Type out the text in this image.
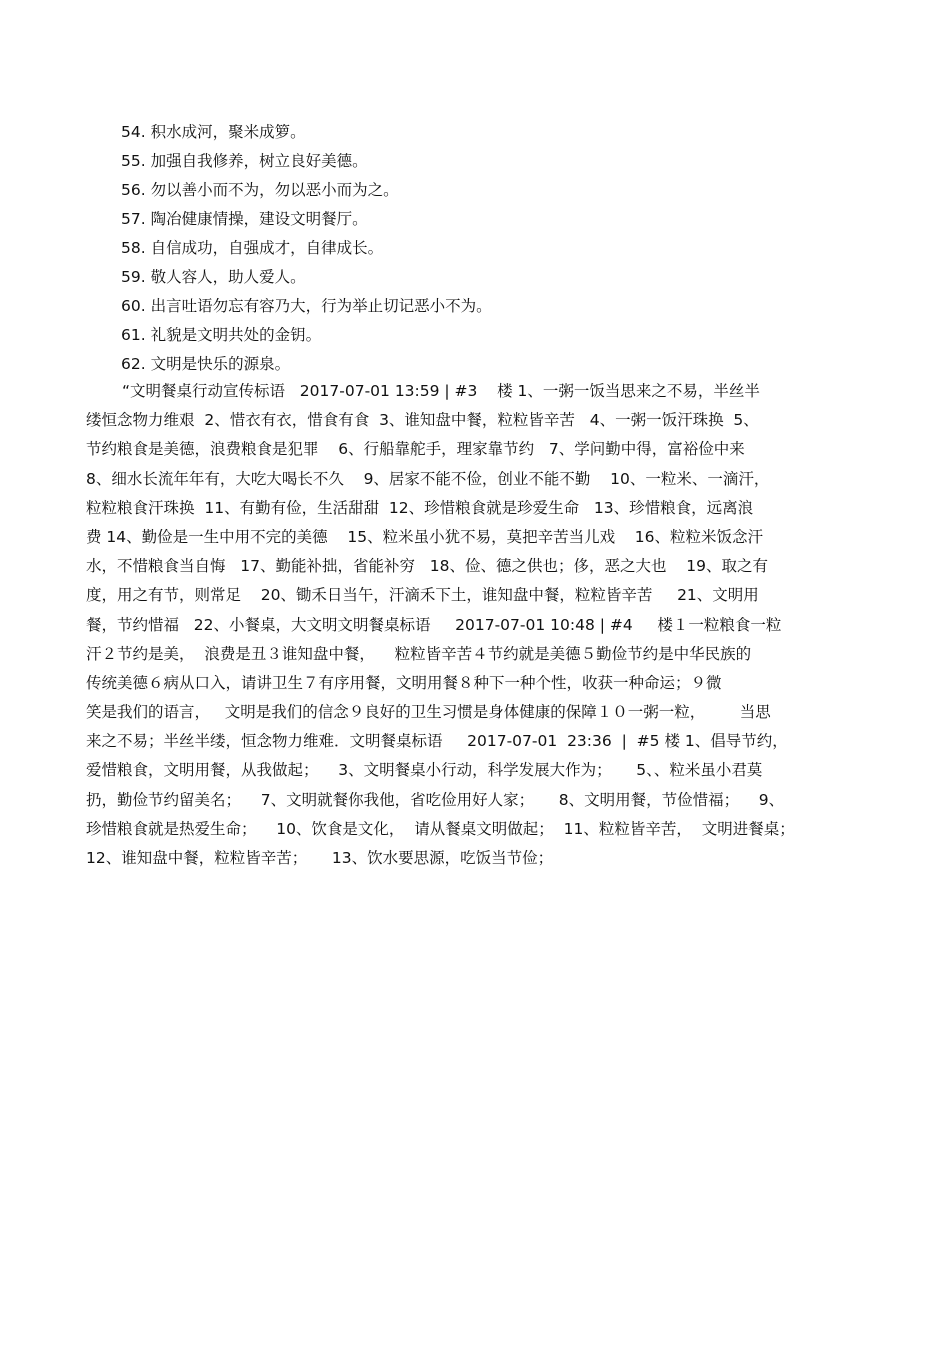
54. 积水成河，聚米成箩。
55. 加强自我修养，树立良好美德。
56. 勿以善小而不为，勿以恶小而为之。
57. 陶冶健康情操，建设文明餐厅。
58. 自信成功，自强成才，自律成长。
59. 敬人容人，助人爱人。
60. 出言吐语勿忘有容乃大，行为举止切记恶小不为。
61. 礼貌是文明共处的金钥。
62. 文明是快乐的源泉。
“文明餐桌行动宣传标语   2017-07-01 13:59 | #3    楼 1、一粥一饭当思来之不易，半丝半
缕恒念物力维艰  2、惜衣有衣，惜食有食  3、谁知盘中餐，粒粒皆辛苦   4、一粥一饭汗珠换  5、
节约粮食是美德，浪费粮食是犯罪    6、行船靠舵手，理家靠节约   7、学问勤中得，富裕俭中来
8、细水长流年年有，大吃大喝长不久    9、居家不能不俭，创业不能不勤    10、一粒米、一滴汗，
粒粒粮食汗珠换  11、有勤有俭，生活甜甜  12、珍惜粮食就是珍爱生命   13、珍惜粮食，远离浪
费 14、勤俭是一生中用不完的美德    15、粒米虽小犹不易，莫把辛苦当儿戏    16、粒粒米饭念汗
水，不惜粮食当自悔   17、勤能补拙，省能补穷   18、俭、德之供也；侈，恶之大也    19、取之有
度，用之有节，则常足    20、锄禾日当午，汗滴禾下土，谁知盘中餐，粒粒皆辛苦     21、文明用
餐，节约惜福   22、小餐桌，大文明文明餐桌标语     2017-07-01 10:48 | #4     楼１一粒粮食一粒
汗２节约是美，  浪费是丑３谁知盘中餐，    粒粒皆辛苦４节约就是美德５勤俭节约是中华民族的
传统美德６病从口入，请讲卫生７有序用餐，文明用餐８种下一种个性，收获一种命运；９微
笑是我们的语言，   文明是我们的信念９良好的卫生习惯是身体健康的保障１０一粥一粒，       当思
来之不易；半丝半缕，恒念物力维难．文明餐桌标语     2017-07-01  23:36  |  #5 楼 1、倡导节约，
爱惜粮食，文明用餐，从我做起；    3、文明餐桌小行动，科学发展大作为；     5、、粒米虽小君莫
扔，勤俭节约留美名；    7、文明就餐你我他，省吃俭用好人家；     8、文明用餐，节俭惜福；    9、
珍惜粮食就是热爱生命；    10、饮食是文化，  请从餐桌文明做起；  11、粒粒皆辛苦，  文明进餐桌；
12、谁知盘中餐，粒粒皆辛苦；     13、饮水要思源，吃饭当节俭；
